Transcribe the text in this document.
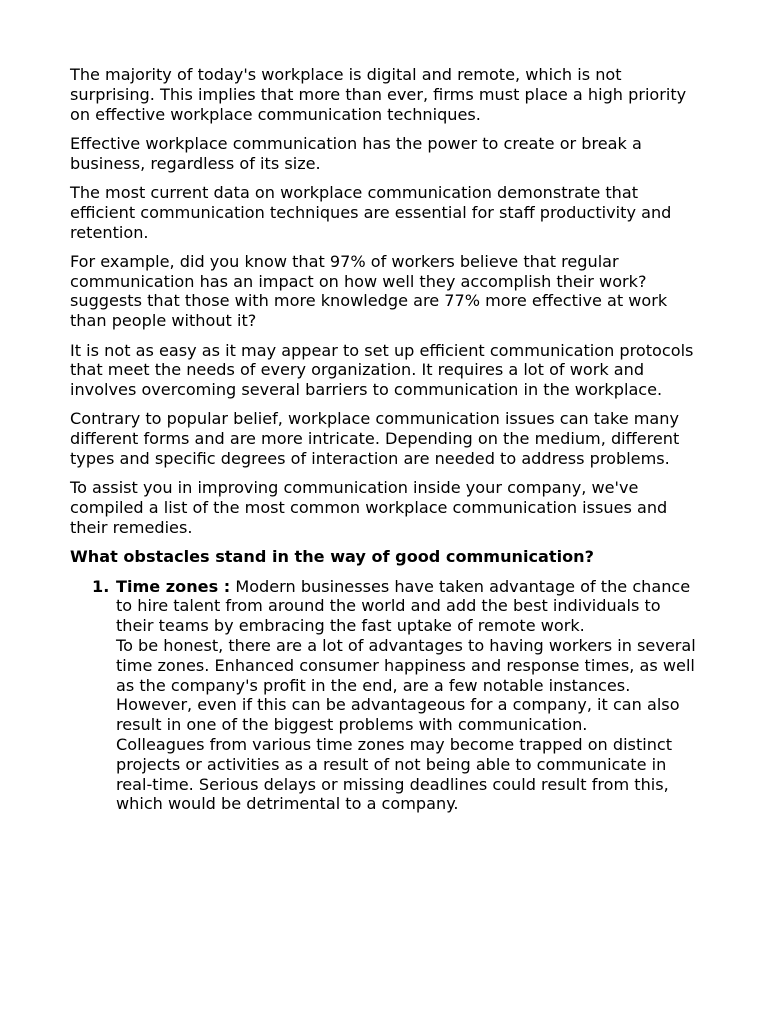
The majority of today's workplace is digital and remote, which is not surprising. This implies that more than ever, firms must place a high priority on effective workplace communication techniques.

Effective workplace communication has the power to create or break a business, regardless of its size.

The most current data on workplace communication demonstrate that efficient communication techniques are essential for staff productivity and retention.

For example, did you know that 97% of workers believe that regular communication has an impact on how well they accomplish their work? suggests that those with more knowledge are 77% more effective at work than people without it?

It is not as easy as it may appear to set up efficient communication protocols that meet the needs of every organization. It requires a lot of work and involves overcoming several barriers to communication in the workplace.

Contrary to popular belief, workplace communication issues can take many different forms and are more intricate. Depending on the medium, different types and specific degrees of interaction are needed to address problems.

To assist you in improving communication inside your company, we've compiled a list of the most common workplace communication issues and their remedies.

What obstacles stand in the way of good communication?
1. Time zones : Modern businesses have taken advantage of the chance to hire talent from around the world and add the best individuals to their teams by embracing the fast uptake of remote work.
To be honest, there are a lot of advantages to having workers in several time zones. Enhanced consumer happiness and response times, as well as the company's profit in the end, are a few notable instances.
However, even if this can be advantageous for a company, it can also result in one of the biggest problems with communication.
Colleagues from various time zones may become trapped on distinct projects or activities as a result of not being able to communicate in real-time. Serious delays or missing deadlines could result from this, which would be detrimental to a company.
